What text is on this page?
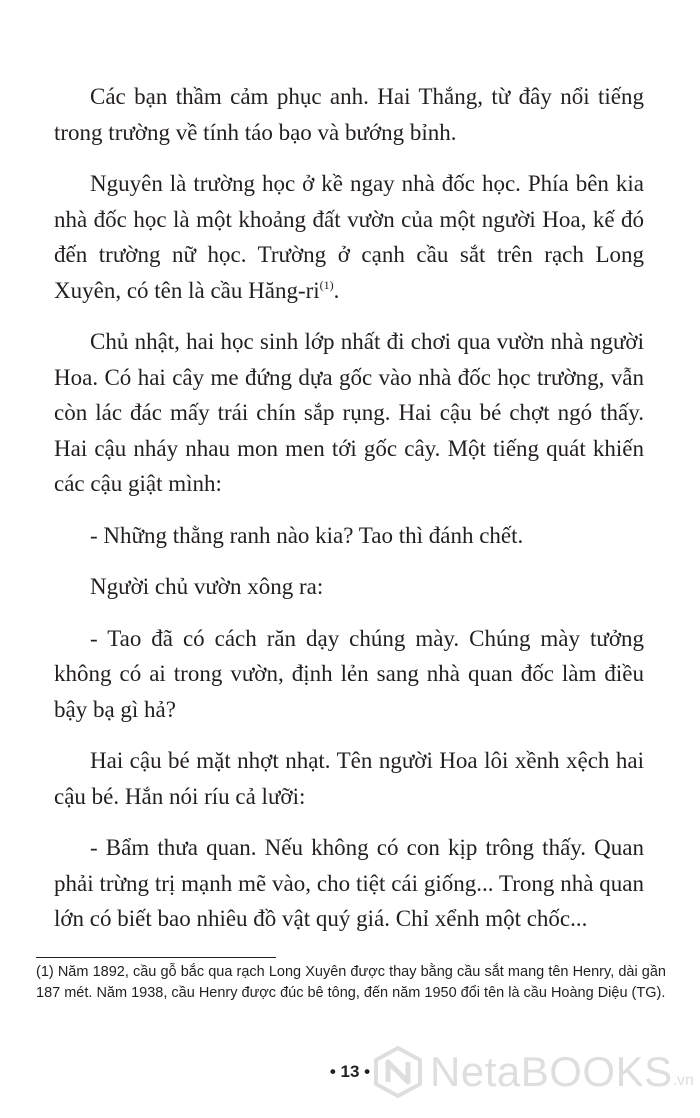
Các bạn thầm cảm phục anh. Hai Thắng, từ đây nổi tiếng trong trường về tính táo bạo và bướng bỉnh.

Nguyên là trường học ở kề ngay nhà đốc học. Phía bên kia nhà đốc học là một khoảng đất vườn của một người Hoa, kế đó đến trường nữ học. Trường ở cạnh cầu sắt trên rạch Long Xuyên, có tên là cầu Hăng-ri$^{(1)}$.

Chủ nhật, hai học sinh lớp nhất đi chơi qua vườn nhà người Hoa. Có hai cây me đứng dựa gốc vào nhà đốc học trường, vẫn còn lác đác mấy trái chín sắp rụng. Hai cậu bé chợt ngó thấy. Hai cậu nháy nhau mon men tới gốc cây. Một tiếng quát khiến các cậu giật mình:

- Những thằng ranh nào kia? Tao thì đánh chết.

Người chủ vườn xông ra:

- Tao đã có cách răn dạy chúng mày. Chúng mày tưởng không có ai trong vườn, định lẻn sang nhà quan đốc làm điều bậy bạ gì hả?

Hai cậu bé mặt nhợt nhạt. Tên người Hoa lôi xềnh xệch hai cậu bé. Hắn nói ríu cả lưỡi:

- Bẩm thưa quan. Nếu không có con kịp trông thấy. Quan phải trừng trị mạnh mẽ vào, cho tiệt cái giống... Trong nhà quan lớn có biết bao nhiêu đồ vật quý giá. Chỉ xểnh một chốc...

(1) Năm 1892, cầu gỗ bắc qua rạch Long Xuyên được thay bằng cầu sắt mang tên Henry, dài gần 187 mét. Năm 1938, cầu Henry được đúc bê tông, đến năm 1950 đổi tên là cầu Hoàng Diệu (TG).
• 13 •	NetaBOOKS .vn
